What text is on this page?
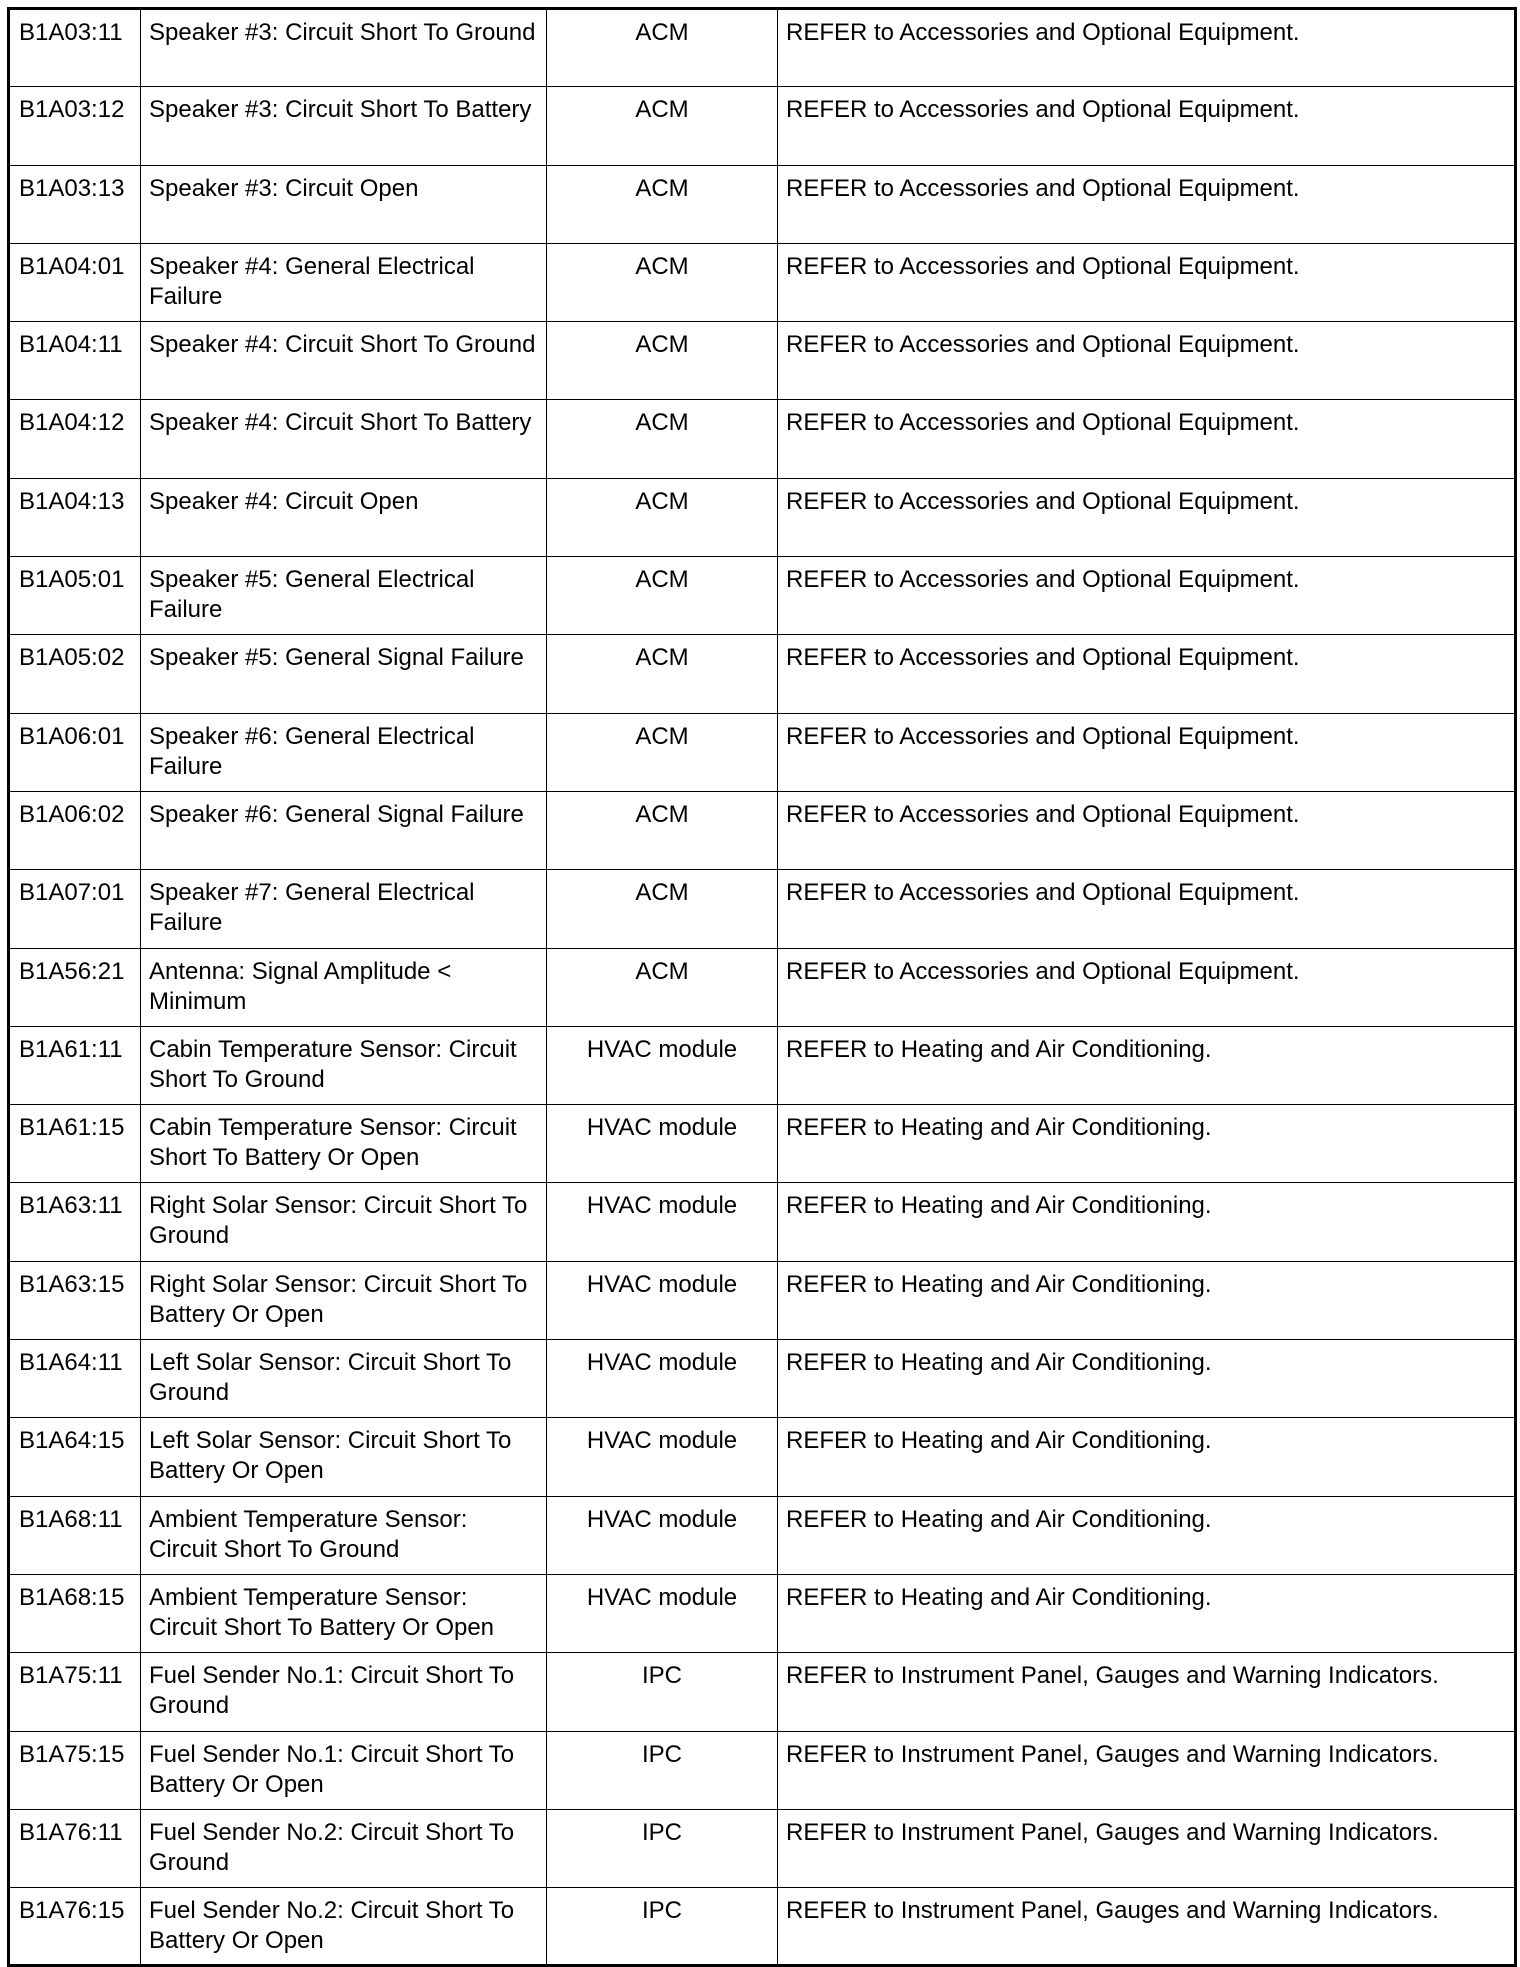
B1A03:11	Speaker #3: Circuit Short To Ground	ACM	REFER to Accessories and Optional Equipment.
B1A03:12	Speaker #3: Circuit Short To Battery	ACM	REFER to Accessories and Optional Equipment.
B1A03:13	Speaker #3: Circuit Open	ACM	REFER to Accessories and Optional Equipment.
B1A04:01	Speaker #4: General Electrical Failure	ACM	REFER to Accessories and Optional Equipment.
B1A04:11	Speaker #4: Circuit Short To Ground	ACM	REFER to Accessories and Optional Equipment.
B1A04:12	Speaker #4: Circuit Short To Battery	ACM	REFER to Accessories and Optional Equipment.
B1A04:13	Speaker #4: Circuit Open	ACM	REFER to Accessories and Optional Equipment.
B1A05:01	Speaker #5: General Electrical Failure	ACM	REFER to Accessories and Optional Equipment.
B1A05:02	Speaker #5: General Signal Failure	ACM	REFER to Accessories and Optional Equipment.
B1A06:01	Speaker #6: General Electrical Failure	ACM	REFER to Accessories and Optional Equipment.
B1A06:02	Speaker #6: General Signal Failure	ACM	REFER to Accessories and Optional Equipment.
B1A07:01	Speaker #7: General Electrical Failure	ACM	REFER to Accessories and Optional Equipment.
B1A56:21	Antenna: Signal Amplitude < Minimum	ACM	REFER to Accessories and Optional Equipment.
B1A61:11	Cabin Temperature Sensor: Circuit Short To Ground	HVAC module	REFER to Heating and Air Conditioning.
B1A61:15	Cabin Temperature Sensor: Circuit Short To Battery Or Open	HVAC module	REFER to Heating and Air Conditioning.
B1A63:11	Right Solar Sensor: Circuit Short To Ground	HVAC module	REFER to Heating and Air Conditioning.
B1A63:15	Right Solar Sensor: Circuit Short To Battery Or Open	HVAC module	REFER to Heating and Air Conditioning.
B1A64:11	Left Solar Sensor: Circuit Short To Ground	HVAC module	REFER to Heating and Air Conditioning.
B1A64:15	Left Solar Sensor: Circuit Short To Battery Or Open	HVAC module	REFER to Heating and Air Conditioning.
B1A68:11	Ambient Temperature Sensor: Circuit Short To Ground	HVAC module	REFER to Heating and Air Conditioning.
B1A68:15	Ambient Temperature Sensor: Circuit Short To Battery Or Open	HVAC module	REFER to Heating and Air Conditioning.
B1A75:11	Fuel Sender No.1: Circuit Short To Ground	IPC	REFER to Instrument Panel, Gauges and Warning Indicators.
B1A75:15	Fuel Sender No.1: Circuit Short To Battery Or Open	IPC	REFER to Instrument Panel, Gauges and Warning Indicators.
B1A76:11	Fuel Sender No.2: Circuit Short To Ground	IPC	REFER to Instrument Panel, Gauges and Warning Indicators.
B1A76:15	Fuel Sender No.2: Circuit Short To Battery Or Open	IPC	REFER to Instrument Panel, Gauges and Warning Indicators.
